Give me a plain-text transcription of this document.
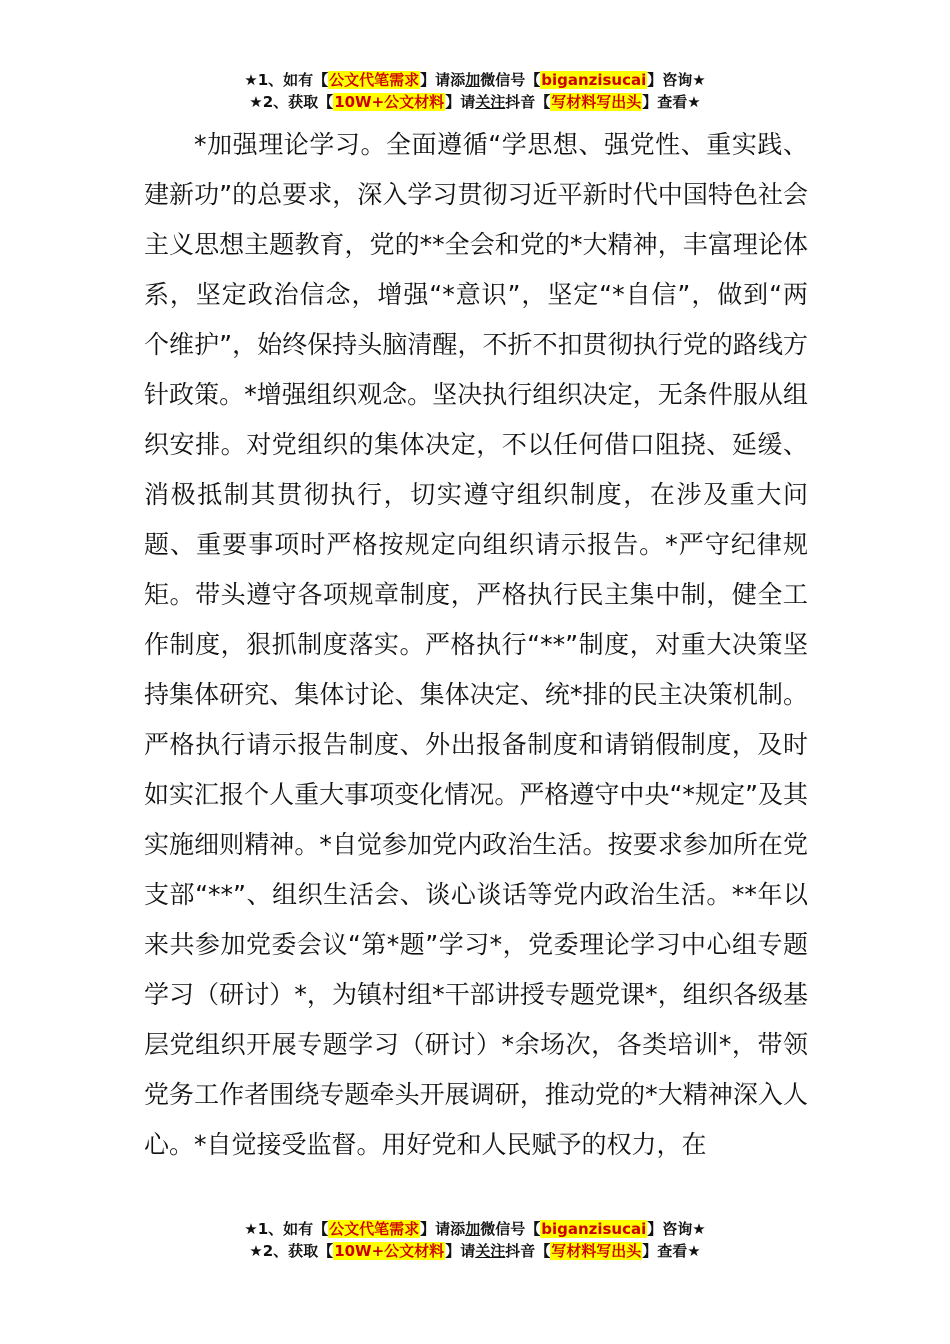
★1、如有【公文代笔需求】请添加微信号【biganzisucai】咨询★
★2、获取【10W+公文材料】请关注抖音【写材料写出头】查看★

*加强理论学习。全面遵循“学思想、强党性、重实践、建新功”的总要求，深入学习贯彻习近平新时代中国特色社会主义思想主题教育，党的**全会和党的*大精神，丰富理论体系，坚定政治信念，增强“*意识”，坚定“*自信”，做到“两个维护”，始终保持头脑清醒，不折不扣贯彻执行党的路线方针政策。*增强组织观念。坚决执行组织决定，无条件服从组织安排。对党组织的集体决定，不以任何借口阻挠、延缓、消极抵制其贯彻执行，切实遵守组织制度，在涉及重大问题、重要事项时严格按规定向组织请示报告。*严守纪律规矩。带头遵守各项规章制度，严格执行民主集中制，健全工作制度，狠抓制度落实。严格执行“**”制度，对重大决策坚持集体研究、集体讨论、集体决定、统*排的民主决策机制。严格执行请示报告制度、外出报备制度和请销假制度，及时如实汇报个人重大事项变化情况。严格遵守中央“*规定”及其实施细则精神。*自觉参加党内政治生活。按要求参加所在党支部“**”、组织生活会、谈心谈话等党内政治生活。**年以来共参加党委会议“第*题”学习*，党委理论学习中心组专题学习（研讨）*，为镇村组*干部讲授专题党课*，组织各级基层党组织开展专题学习（研讨）*余场次，各类培训*，带领党务工作者围绕专题牵头开展调研，推动党的*大精神深入人心。*自觉接受监督。用好党和人民赋予的权力，在

★1、如有【公文代笔需求】请添加微信号【biganzisucai】咨询★
★2、获取【10W+公文材料】请关注抖音【写材料写出头】查看★
